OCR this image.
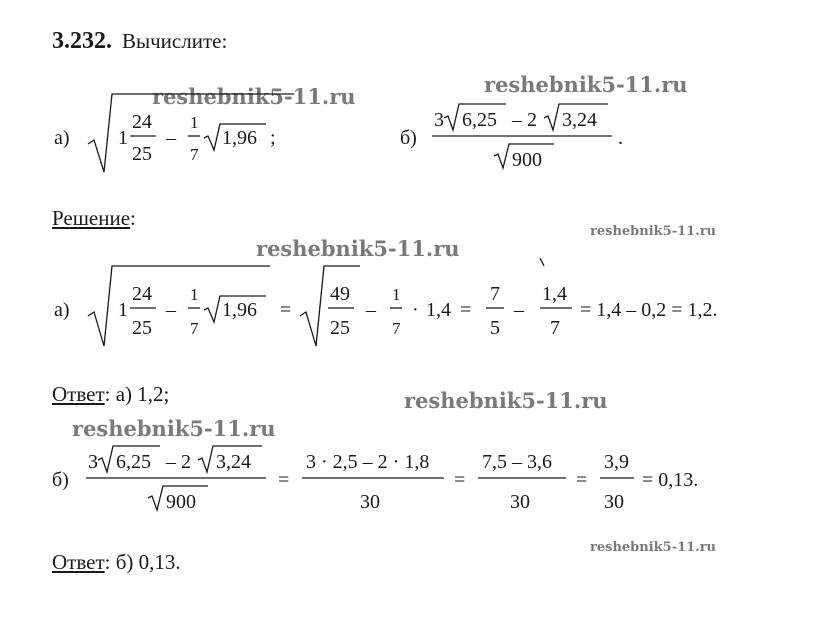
3.232. Вычислите:
reshebnik5-11.ru
reshebnik5-11.ru
reshebnik5-11.ru
reshebnik5-11.ru
reshebnik5-11.ru
reshebnik5-11.ru
reshebnik5-11.ru
а) 1
24
25
–
1
7
1,96 ;	б)
3 6,25 – 2 3,24
900
.
Решение:
а) 1
24
25
–
1
7
1,96 =
49
25
–
1
7
· 1,4 =
7
5
–
1,4
7
= 1,4 – 0,2 = 1,2.
Ответ: а) 1,2;
б)
3 6,25 – 2 3,24
900
=
3 · 2,5 – 2 · 1,8
30
=
7,5 – 3,6
30
=
3,9
30
= 0,13.
Ответ: б) 0,13.
